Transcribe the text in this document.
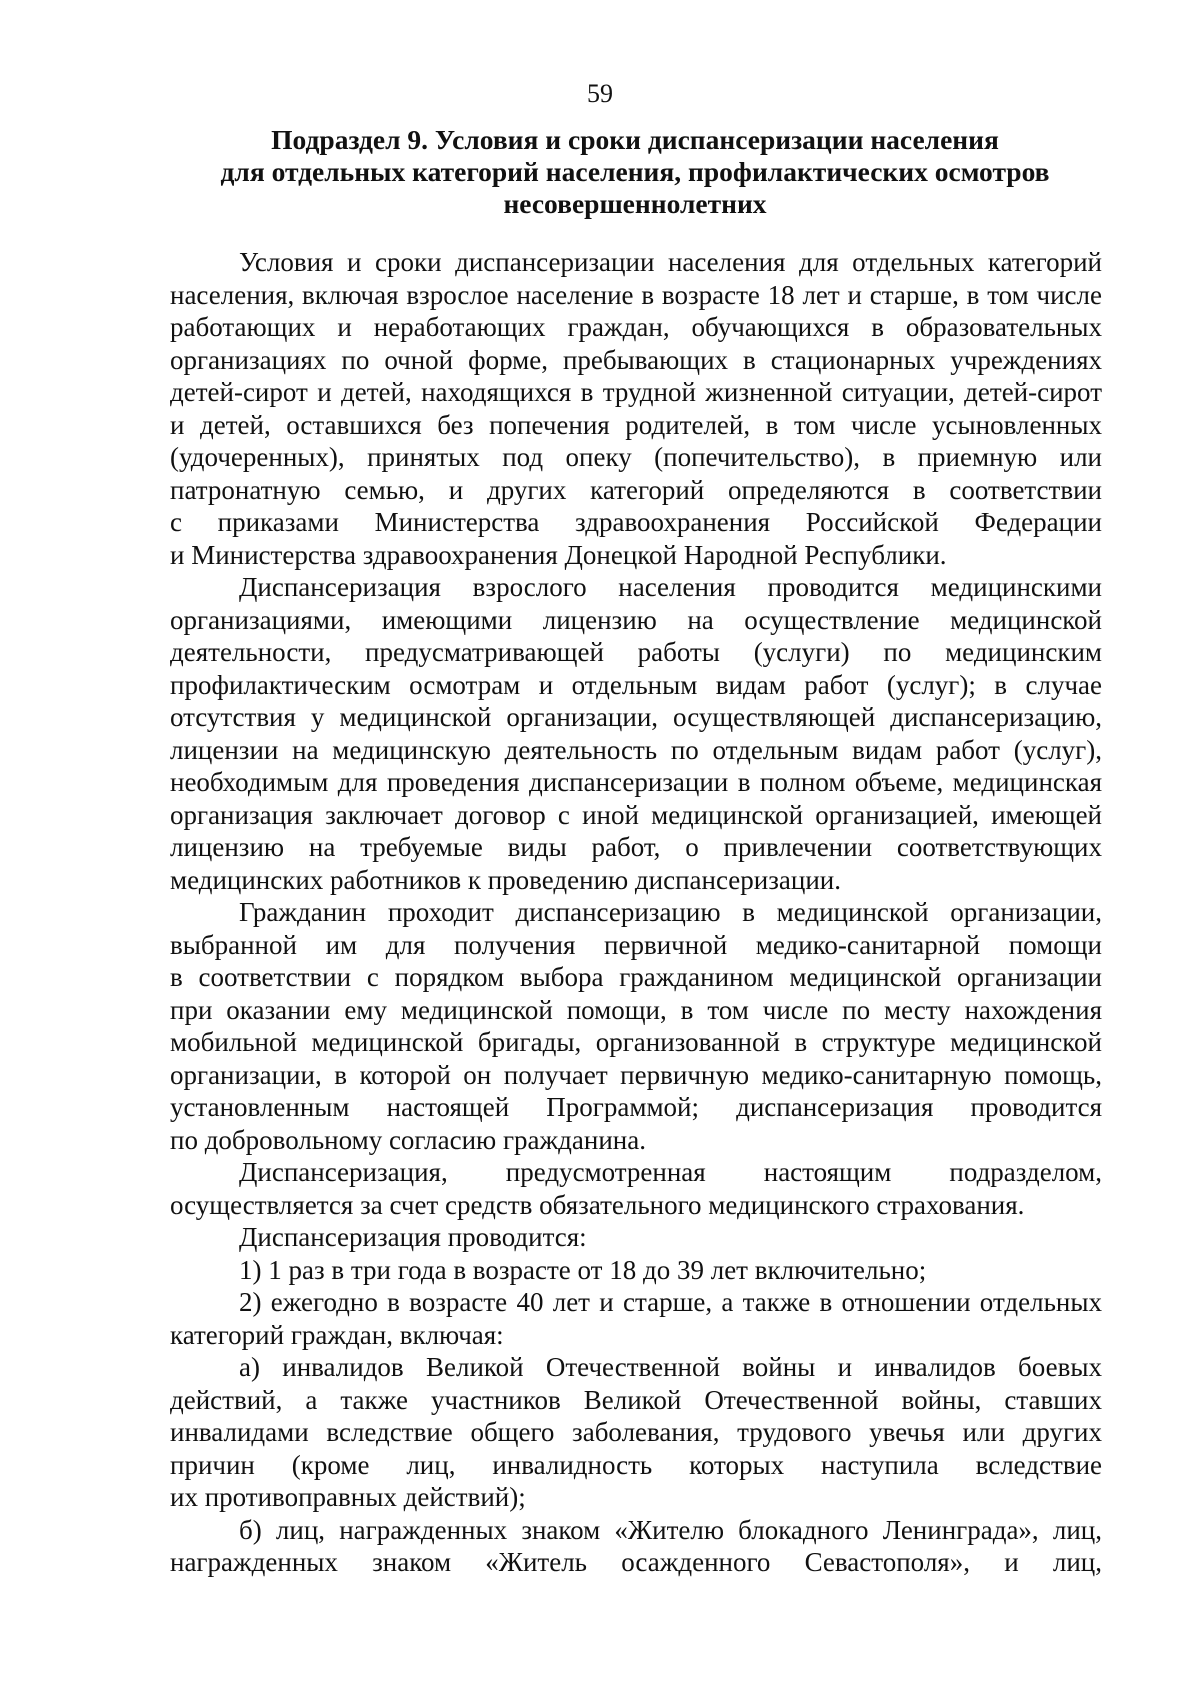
59
Подраздел 9. Условия и сроки диспансеризации населения
для отдельных категорий населения, профилактических осмотров
несовершеннолетних

Условия и сроки диспансеризации населения для отдельных категорий
населения, включая взрослое население в возрасте 18 лет и старше, в том числе
работающих и неработающих граждан, обучающихся в образовательных
организациях по очной форме, пребывающих в стационарных учреждениях
детей-сирот и детей, находящихся в трудной жизненной ситуации, детей-сирот
и детей, оставшихся без попечения родителей, в том числе усыновленных
(удочеренных), принятых под опеку (попечительство), в приемную или
патронатную семью, и других категорий определяются в соответствии
с приказами Министерства здравоохранения Российской Федерации
и Министерства здравоохранения Донецкой Народной Республики.

Диспансеризация взрослого населения проводится медицинскими
организациями, имеющими лицензию на осуществление медицинской
деятельности, предусматривающей работы (услуги) по медицинским
профилактическим осмотрам и отдельным видам работ (услуг); в случае
отсутствия у медицинской организации, осуществляющей диспансеризацию,
лицензии на медицинскую деятельность по отдельным видам работ (услуг),
необходимым для проведения диспансеризации в полном объеме, медицинская
организация заключает договор с иной медицинской организацией, имеющей
лицензию на требуемые виды работ, о привлечении соответствующих
медицинских работников к проведению диспансеризации.

Гражданин проходит диспансеризацию в медицинской организации,
выбранной им для получения первичной медико-санитарной помощи
в соответствии с порядком выбора гражданином медицинской организации
при оказании ему медицинской помощи, в том числе по месту нахождения
мобильной медицинской бригады, организованной в структуре медицинской
организации, в которой он получает первичную медико-санитарную помощь,
установленным настоящей Программой; диспансеризация проводится
по добровольному согласию гражданина.

Диспансеризация, предусмотренная настоящим подразделом,
осуществляется за счет средств обязательного медицинского страхования.

Диспансеризация проводится:

1) 1 раз в три года в возрасте от 18 до 39 лет включительно;

2) ежегодно в возрасте 40 лет и старше, а также в отношении отдельных
категорий граждан, включая:

а) инвалидов Великой Отечественной войны и инвалидов боевых
действий, а также участников Великой Отечественной войны, ставших
инвалидами вследствие общего заболевания, трудового увечья или других
причин (кроме лиц, инвалидность которых наступила вследствие
их противоправных действий);

б) лиц, награжденных знаком «Жителю блокадного Ленинграда», лиц,
награжденных знаком «Житель осажденного Севастополя», и лиц,
